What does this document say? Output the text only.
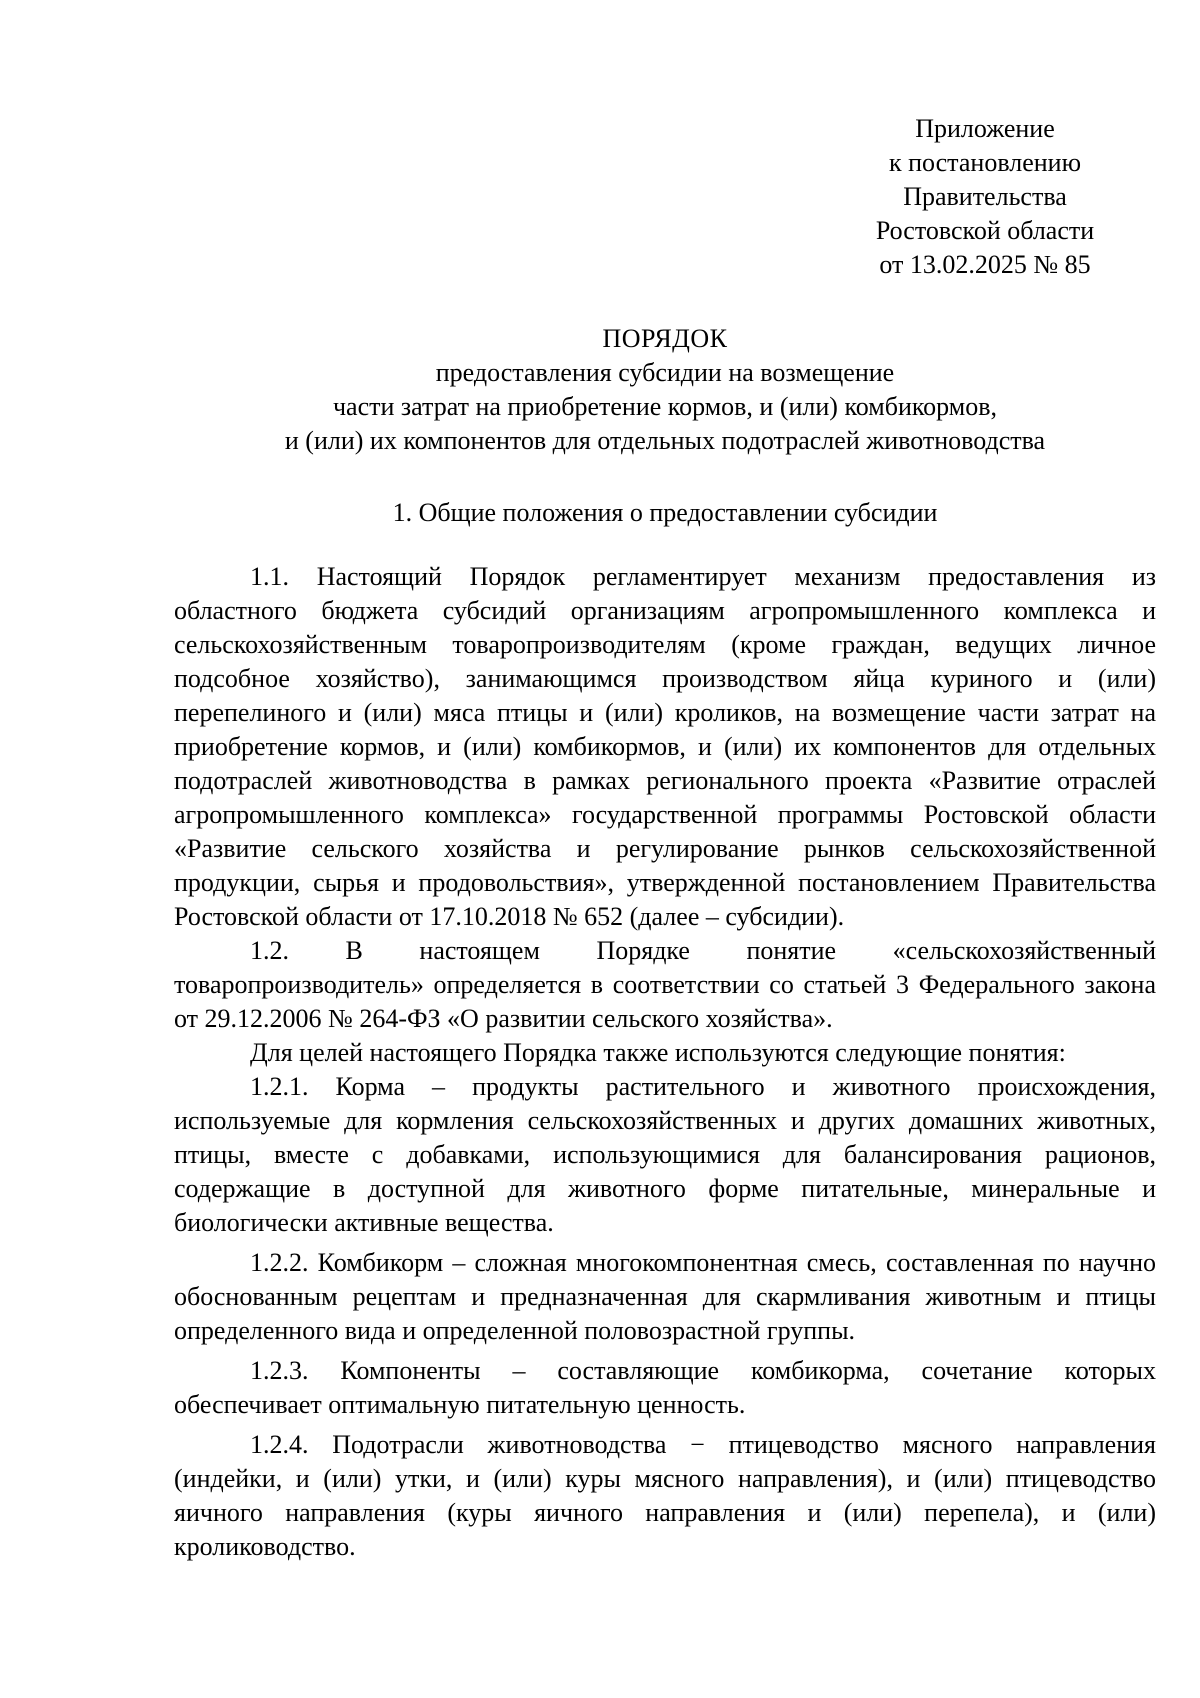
Приложение
к постановлению
Правительства
Ростовской области
от 13.02.2025 № 85
ПОРЯДОК
предоставления субсидии на возмещение
части затрат на приобретение кормов, и (или) комбикормов,
и (или) их компонентов для отдельных подотраслей животноводства
1. Общие положения о предоставлении субсидии

1.1. Настоящий Порядок регламентирует механизм предоставления из областного бюджета субсидий организациям агропромышленного комплекса и сельскохозяйственным товаропроизводителям (кроме граждан, ведущих личное подсобное хозяйство), занимающимся производством яйца куриного и (или) перепелиного и (или) мяса птицы и (или) кроликов, на возмещение части затрат на приобретение кормов, и (или) комбикормов, и (или) их компонентов для отдельных подотраслей животноводства в рамках регионального проекта «Развитие отраслей агропромышленного комплекса» государственной программы Ростовской области «Развитие сельского хозяйства и регулирование рынков сельскохозяйственной продукции, сырья и продовольствия», утвержденной постановлением Правительства Ростовской области от 17.10.2018 № 652 (далее – субсидии).

1.2. В настоящем Порядке понятие «сельскохозяйственный товаропроизводитель» определяется в соответствии со статьей 3 Федерального закона от 29.12.2006 № 264-ФЗ «О развитии сельского хозяйства».

Для целей настоящего Порядка также используются следующие понятия:

1.2.1. Корма – продукты растительного и животного происхождения, используемые для кормления сельскохозяйственных и других домашних животных, птицы, вместе с добавками, использующимися для балансирования рационов, содержащие в доступной для животного форме питательные, минеральные и биологически активные вещества.

1.2.2. Комбикорм – сложная многокомпонентная смесь, составленная по научно обоснованным рецептам и предназначенная для скармливания животным и птицы определенного вида и определенной половозрастной группы.

1.2.3. Компоненты – составляющие комбикорма, сочетание которых обеспечивает оптимальную питательную ценность.

1.2.4. Подотрасли животноводства − птицеводство мясного направления (индейки, и (или) утки, и (или) куры мясного направления), и (или) птицеводство яичного направления (куры яичного направления и (или) перепела), и (или) кролиководство.
